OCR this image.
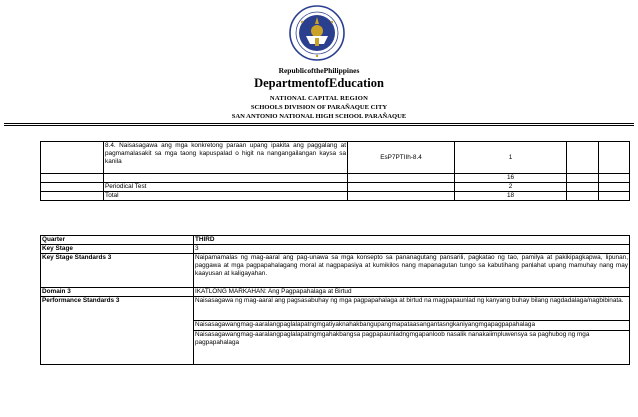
RepublicofthePhilippines
DepartmentofEducation
NATIONAL CAPITAL REGION
SCHOOLS DIVISION OF PARAÑAQUE CITY
SAN ANTONIO NATIONAL HIGH SCHOOL PARAÑAQUE
	8.4. Naisasagawa ang mga konkretong paraan upang ipakita ang paggalang at pagmamalasakit sa mga taong kapuspalad o higit na nangangailangan kaysa sa kanila	EsP7PTIIh-8.4	1		
			16		
	Periodical Test		2		
	Total		18		
Quarter	THIRD
Key Stage	3
Key Stage Standards 3	Naipamamalas ng mag-aaral ang pag-unawa sa mga konsepto sa pananagutang pansarili, pagkatao ng tao, pamilya at pakikipagkapwa, lipunan, paggawa at mga pagpapahalagang moral at nagpapasiya at kumikilos nang mapanagutan tungo sa kabutihang panlahat upang mamuhay nang may kaayusan at kaligayahan.
Domain 3	IKATLONG MARKAHAN: Ang Pagpapahalaga at Birtud
Performance Standards 3	Naisasagawa ng mag-aaral ang pagsasabuhay ng mga pagpapahalaga at birtud na magpapaunlad ng kanyang buhay bilang nagdadalaga/nagbibinata.
	Naisasagawangmag-aaralangpaglalapatngmgatiyaknahakbangupangmapataasangantasngkaniyangmgapagpapahalaga
	Naisasagawangmag-aaralangpaglalapatngmgahakbangsa pagpapaunladngmgapanloob nasalik nanakaiimpluwensya sa paghubog ng mga pagpapahalaga
